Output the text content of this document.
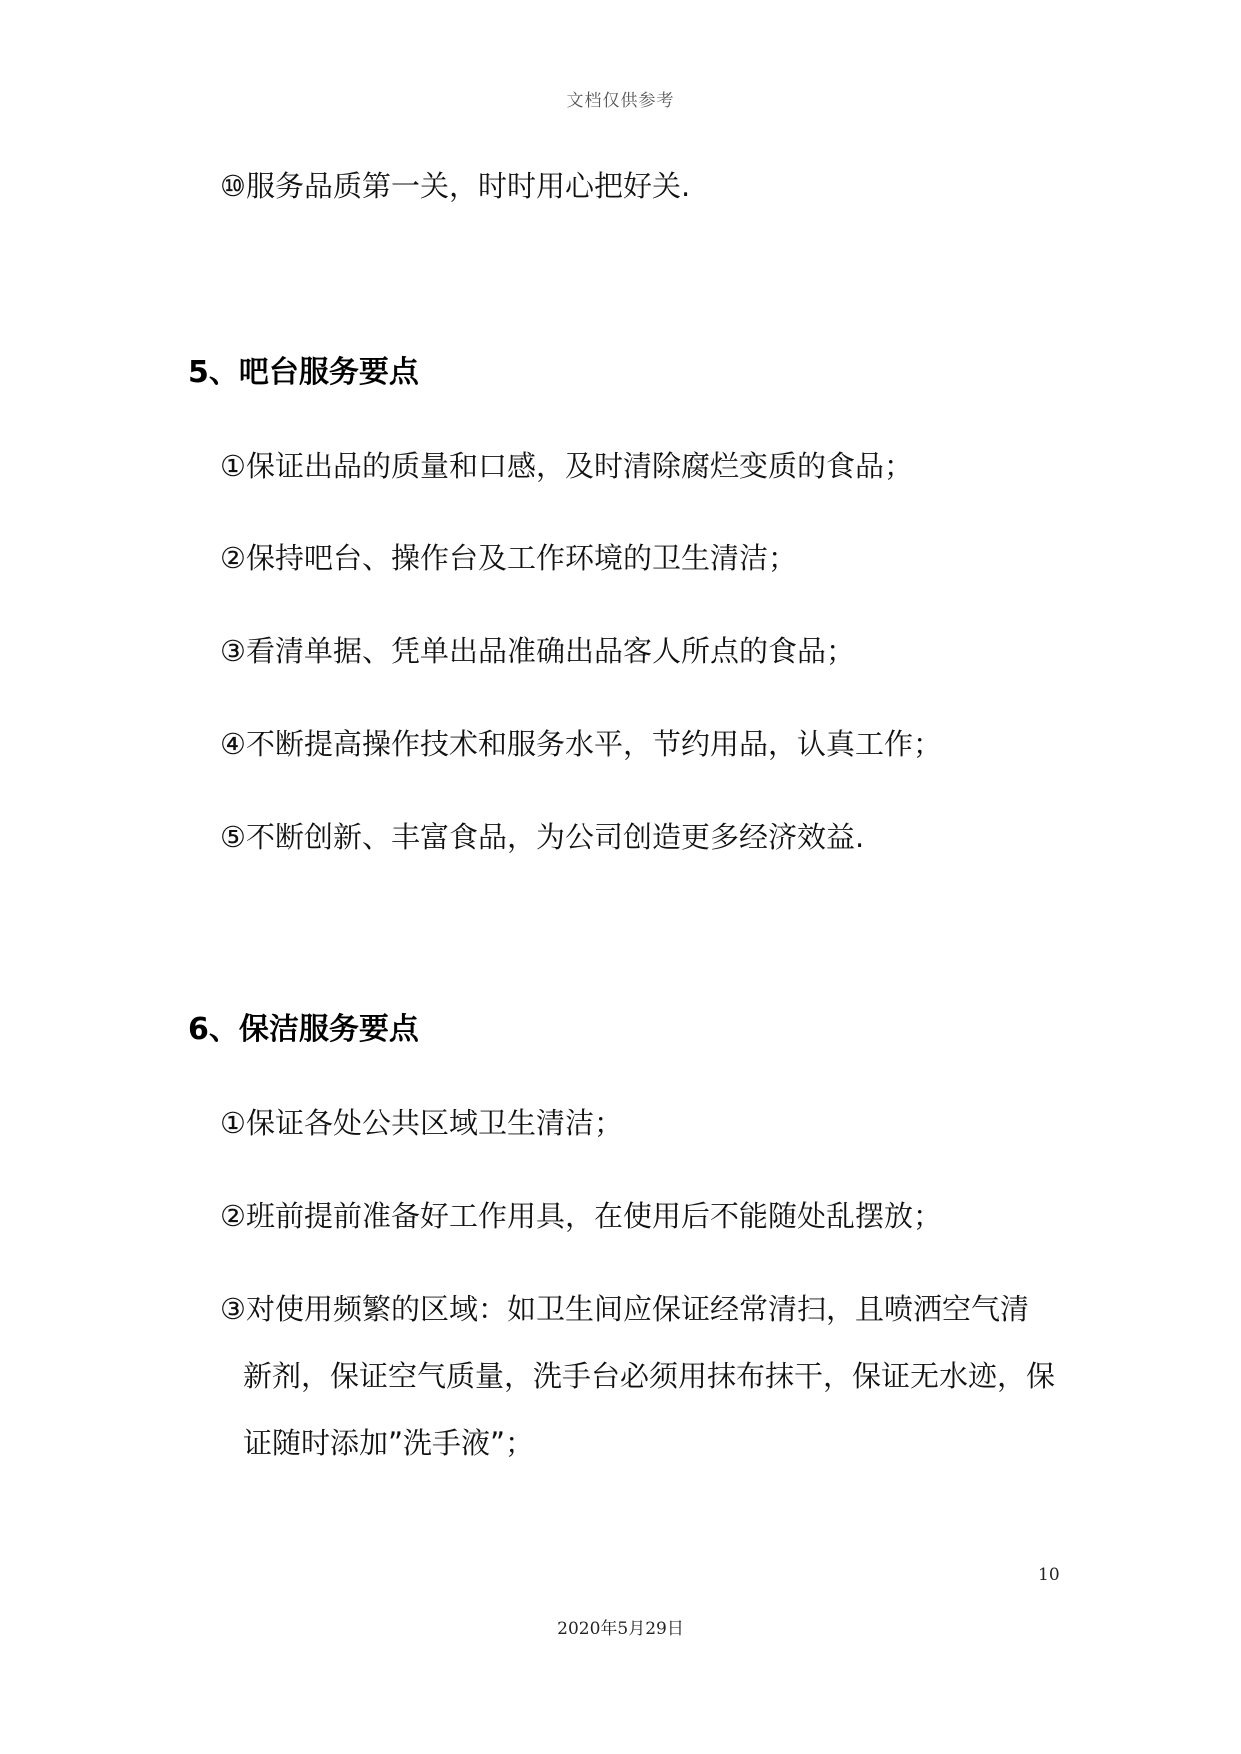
文档仅供参考
⑩服务品质第一关，时时用心把好关.
5、吧台服务要点
①保证出品的质量和口感，及时清除腐烂变质的食品；
②保持吧台、操作台及工作环境的卫生清洁；
③看清单据、凭单出品准确出品客人所点的食品；
④不断提高操作技术和服务水平，节约用品，认真工作；
⑤不断创新、丰富食品，为公司创造更多经济效益.
6、保洁服务要点
①保证各处公共区域卫生清洁；
②班前提前准备好工作用具，在使用后不能随处乱摆放；
③对使用频繁的区域：如卫生间应保证经常清扫，且喷洒空气清
新剂，保证空气质量，洗手台必须用抹布抹干，保证无水迹，保
证随时添加”洗手液”；
10
2020年5月29日
